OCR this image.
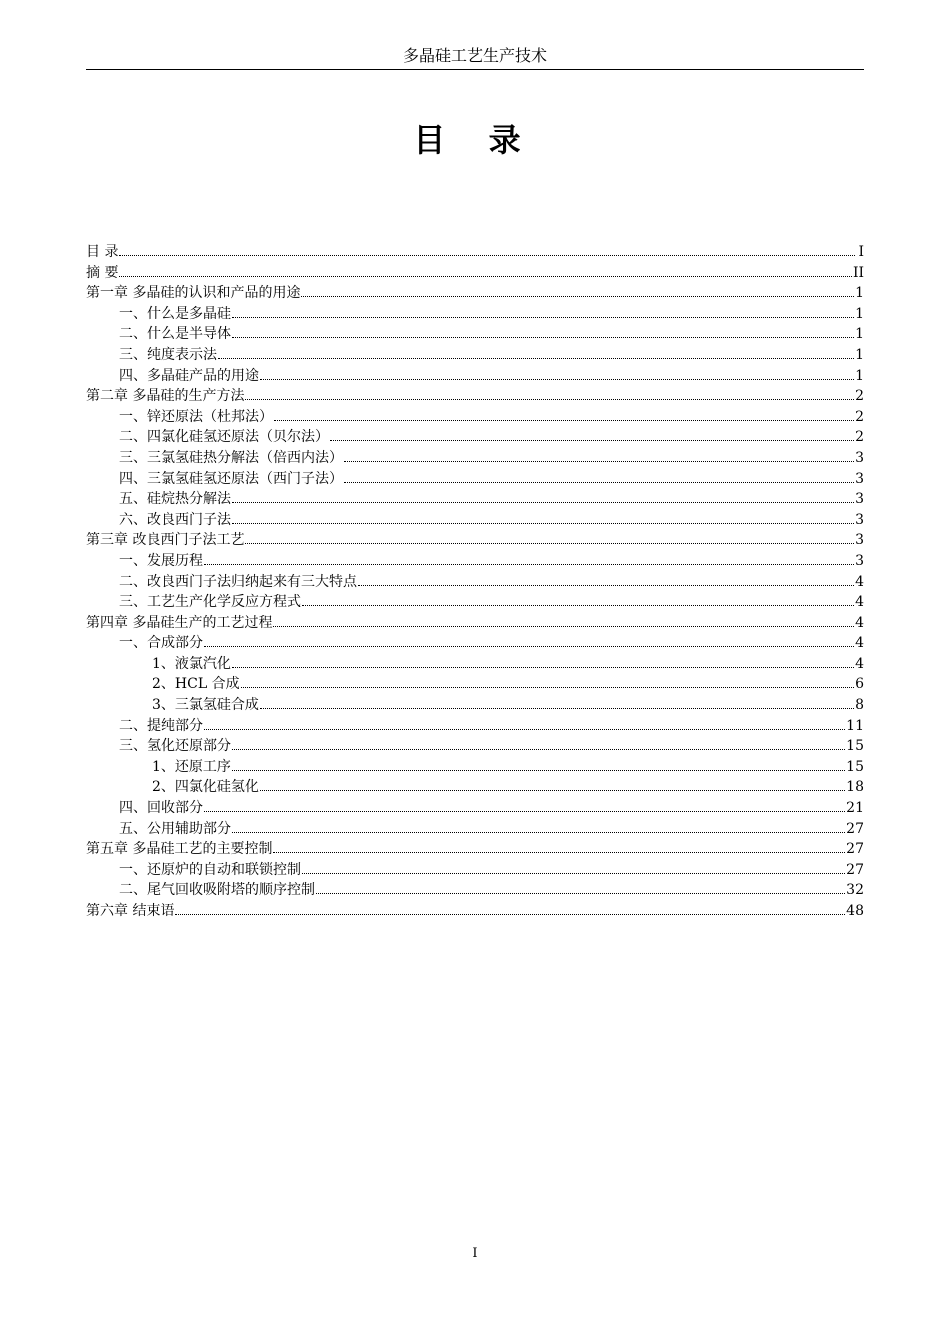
多晶硅工艺生产技术
目 录
目 录	I
摘 要	II
第一章 多晶硅的认识和产品的用途	1
一、什么是多晶硅	1
二、什么是半导体	1
三、纯度表示法	1
四、多晶硅产品的用途	1
第二章 多晶硅的生产方法	2
一、锌还原法（杜邦法）	2
二、四氯化硅氢还原法（贝尔法）	2
三、三氯氢硅热分解法（倍西内法）	3
四、三氯氢硅氢还原法（西门子法）	3
五、硅烷热分解法	3
六、改良西门子法	3
第三章 改良西门子法工艺	3
一、发展历程	3
二、改良西门子法归纳起来有三大特点	4
三、工艺生产化学反应方程式	4
第四章 多晶硅生产的工艺过程	4
一、合成部分	4
1、液氯汽化	4
2、HCL 合成	6
3、三氯氢硅合成	8
二、提纯部分	11
三、氢化还原部分	15
1、还原工序	15
2、四氯化硅氢化	18
四、回收部分	21
五、公用辅助部分	27
第五章 多晶硅工艺的主要控制	27
一、还原炉的自动和联锁控制	27
二、尾气回收吸附塔的顺序控制	32
第六章 结束语	48
I
